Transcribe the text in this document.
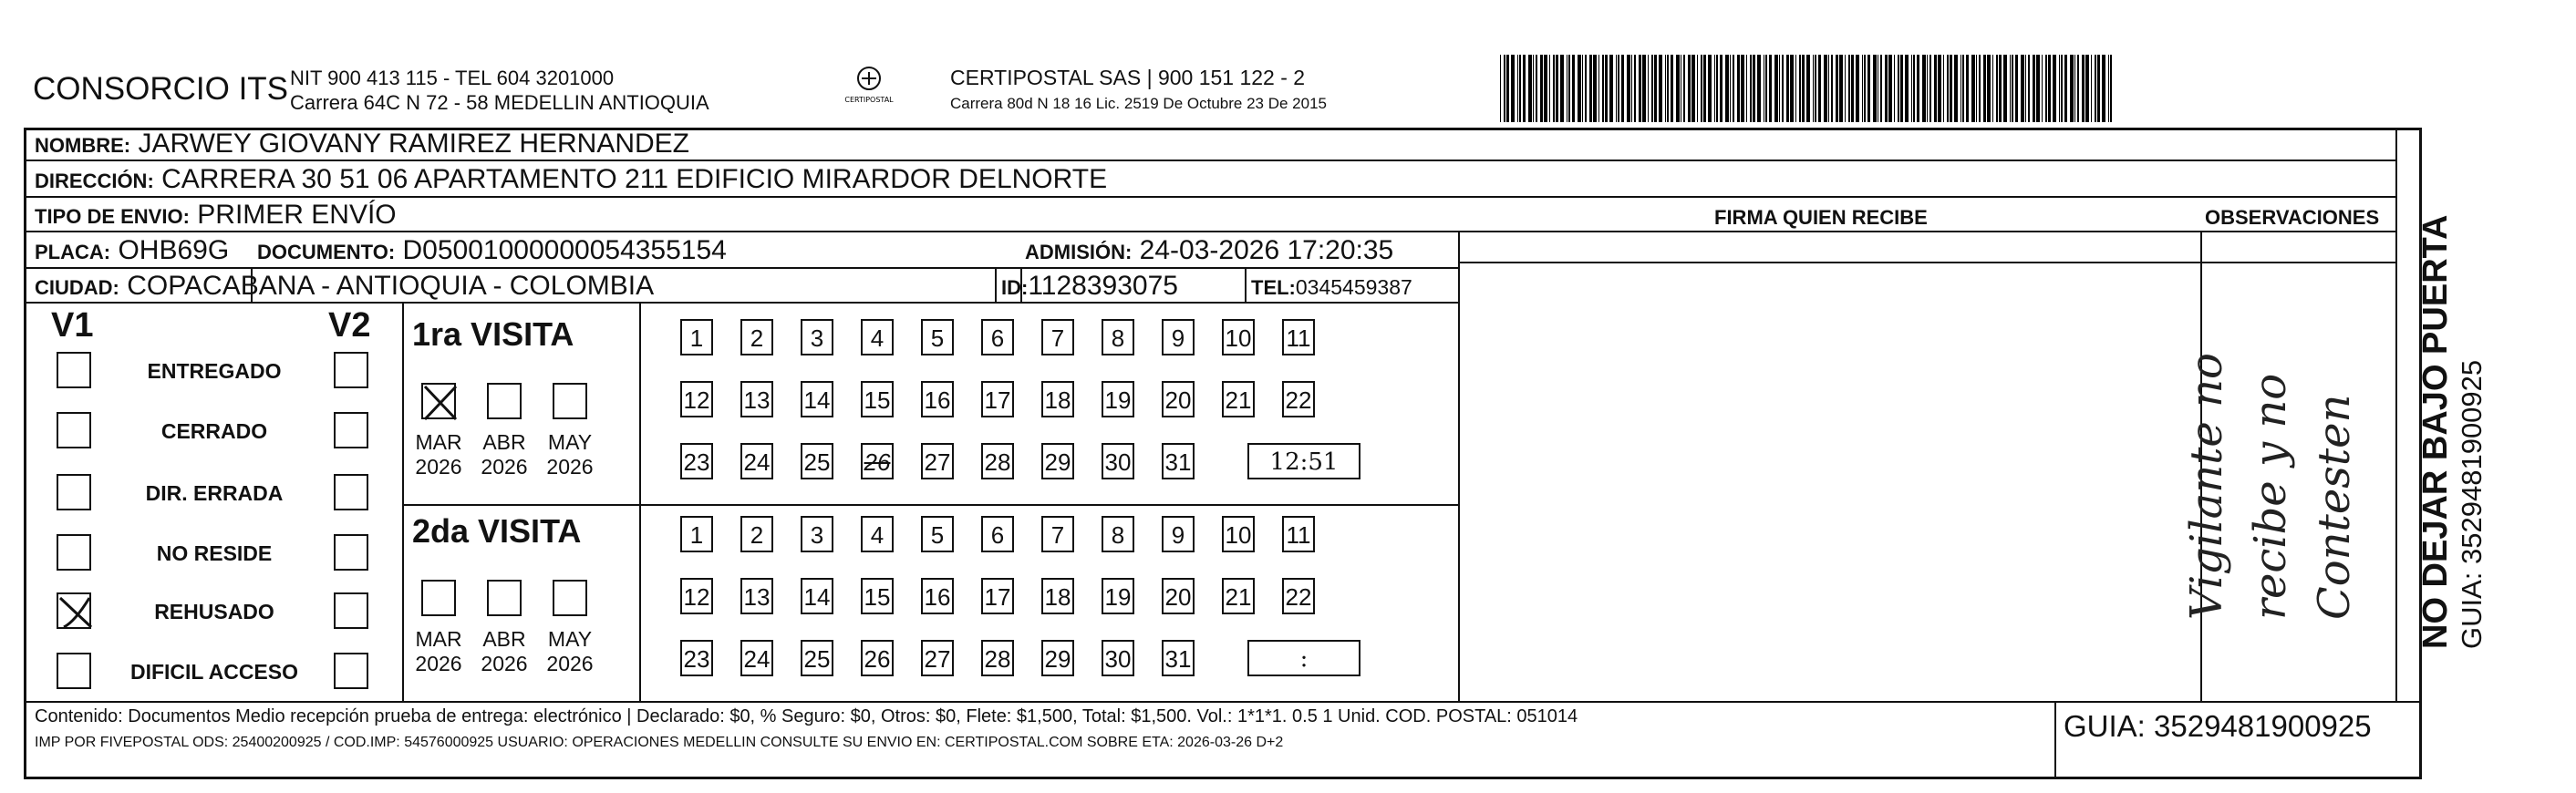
CONSORCIO ITS NIT 900 413 115 - TEL 604 3201000
Carrera 64C N 72 - 58 MEDELLIN ANTIOQUIA	CERTIPOSTAL
CERTIPOSTAL SAS | 900 151 122 - 2
Carrera 80d N 18 16 Lic. 2519 De Octubre 23 De 2015
NOMBRE: JARWEY GIOVANY RAMIREZ HERNANDEZ
DIRECCIÓN: CARRERA 30 51 06 APARTAMENTO 211 EDIFICIO MIRARDOR DELNORTE
TIPO DE ENVIO: PRIMER ENVÍO
PLACA: OHB69G DOCUMENTO: D05001000000054355154	ADMISIÓN: 24-03-2026 17:20:35
CIUDAD: COPACABANA - ANTIOQUIA - COLOMBIA	ID:1128393075	TEL:0345459387
FIRMA QUIEN RECIBE	OBSERVACIONES
Vigilante no recibe y no Contesten
V1	V2
ENTREGADO
CERRADO
DIR. ERRADA
NO RESIDE
REHUSADO
DIFICIL ACCESO
1ra VISITA
MAR
2026
ABR
2026
MAY
2026
1	2	3	4	5	6	7	8	9	10 11
12 13 14 15 16 17 18 19 20 21 22
23 24 25 26 27 28 29 30 31	12:51
2da VISITA
MAR
2026
ABR
2026
MAY
2026
1	2	3	4	5	6	7	8	9	10 11
12 13 14 15 16 17 18 19 20 21 22
23 24 25 26 27 28 29 30 31	:
Contenido: Documentos Medio recepción prueba de entrega: electrónico | Declarado: $0, % Seguro: $0, Otros: $0, Flete: $1,500, Total: $1,500. Vol.: 1*1*1. 0.5 1 Unid. COD. POSTAL: 051014
IMP POR FIVEPOSTAL ODS: 25400200925 / COD.IMP: 54576000925 USUARIO: OPERACIONES MEDELLIN CONSULTE SU ENVIO EN: CERTIPOSTAL.COM SOBRE ETA: 2026-03-26 D+2	GUIA: 3529481900925
NO DEJAR BAJO PUERTA GUIA: 3529481900925
